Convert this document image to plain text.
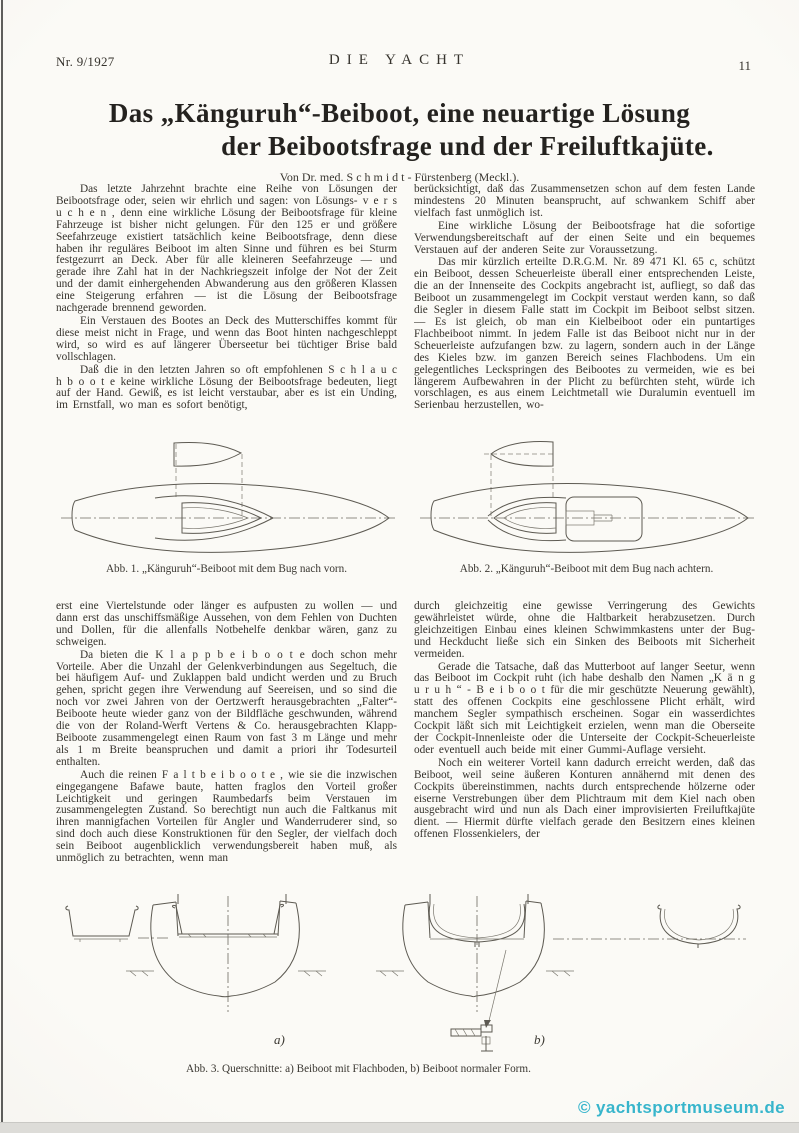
Nr. 9/1927	DIE YACHT	11
Das „Känguruh“-Beiboot, eine neuartige Lösung
der Beibootsfrage und der Freiluftkajüte.
Von Dr. med. S c h m i d t - Fürstenberg (Meckl.).

Das letzte Jahrzehnt brachte eine Reihe von Lösungen der Beibootsfrage oder, seien wir ehrlich und sagen: von Lösungs- v e r s u c h e n , denn eine wirkliche Lösung der Beibootsfrage für kleine Fahrzeuge ist bisher nicht gelungen. Für den 125 er und größere Seefahrzeuge existiert tatsächlich keine Beibootsfrage, denn diese haben ihr reguläres Beiboot im alten Sinne und führen es bei Sturm festgezurrt an Deck. Aber für alle kleineren Seefahrzeuge — und gerade ihre Zahl hat in der Nachkriegszeit infolge der Not der Zeit und der damit einhergehenden Abwanderung aus den größeren Klassen eine Steigerung erfahren — ist die Lösung der Beibootsfrage nachgerade brennend geworden.

Ein Verstauen des Bootes an Deck des Mutterschiffes kommt für diese meist nicht in Frage, und wenn das Boot hinten nachgeschleppt wird, so wird es auf längerer Überseetur bei tüchtiger Brise bald vollschlagen.

Daß die in den letzten Jahren so oft empfohlenen S c h l a u c h b o o t e keine wirkliche Lösung der Beibootsfrage bedeuten, liegt auf der Hand. Gewiß, es ist leicht verstaubar, aber es ist ein Unding, im Ernstfall, wo man es sofort benötigt,

berücksichtigt, daß das Zusammensetzen schon auf dem festen Lande mindestens 20 Minuten beansprucht, auf schwankem Schiff aber vielfach fast unmöglich ist.

Eine wirkliche Lösung der Beibootsfrage hat die sofortige Verwendungsbereitschaft auf der einen Seite und ein bequemes Verstauen auf der anderen Seite zur Voraussetzung.

Das mir kürzlich erteilte D.R.G.M. Nr. 89 471 Kl. 65 c, schützt ein Beiboot, dessen Scheuerleiste überall einer entsprechenden Leiste, die an der Innenseite des Cockpits angebracht ist, aufliegt, so daß das Beiboot un zusammengelegt im Cockpit verstaut werden kann, so daß die Segler in diesem Falle statt im Cockpit im Beiboot selbst sitzen. — Es ist gleich, ob man ein Kielbeiboot oder ein puntartiges Flachbeiboot nimmt. In jedem Falle ist das Beiboot nicht nur in der Scheuerleiste aufzufangen bzw. zu lagern, sondern auch in der Länge des Kieles bzw. im ganzen Bereich seines Flachbodens. Um ein gelegentliches Leckspringen des Beibootes zu vermeiden, wie es bei längerem Aufbewahren in der Plicht zu befürchten steht, würde ich vorschlagen, es aus einem Leichtmetall wie Duralumin eventuell im Serienbau herzustellen, wo-

Abb. 1. „Känguruh“-Beiboot mit dem Bug nach vorn.	Abb. 2. „Känguruh“-Beiboot mit dem Bug nach achtern.

erst eine Viertelstunde oder länger es aufpusten zu wollen — und dann erst das unschiffsmäßige Aussehen, von dem Fehlen von Duchten und Dollen, für die allenfalls Notbehelfe denkbar wären, ganz zu schweigen.

Da bieten die K l a p p b e i b o o t e doch schon mehr Vorteile. Aber die Unzahl der Gelenkverbindungen aus Segeltuch, die bei häufigem Auf- und Zuklappen bald undicht werden und zu Bruch gehen, spricht gegen ihre Verwendung auf Seereisen, und so sind die noch vor zwei Jahren von der Oertzwerft herausgebrachten „Falter“-Beiboote heute wieder ganz von der Bildfläche geschwunden, während die von der Roland-Werft Vertens & Co. herausgebrachten Klapp-Beiboote zusammengelegt einen Raum von fast 3 m Länge und mehr als 1 m Breite beanspruchen und damit a priori ihr Todesurteil enthalten.

Auch die reinen F a l t b e i b o o t e , wie sie die inzwischen eingegangene Bafawe baute, hatten fraglos den Vorteil großer Leichtigkeit und geringen Raumbedarfs beim Verstauen im zusammengelegten Zustand. So berechtigt nun auch die Faltkanus mit ihren mannigfachen Vorteilen für Angler und Wanderruderer sind, so sind doch auch diese Konstruktionen für den Segler, der vielfach doch sein Beiboot augenblicklich verwendungsbereit haben muß, als unmöglich zu betrachten, wenn man

durch gleichzeitig eine gewisse Verringerung des Gewichts gewährleistet würde, ohne die Haltbarkeit herabzusetzen. Durch gleichzeitigen Einbau eines kleinen Schwimmkastens unter der Bug- und Heckducht ließe sich ein Sinken des Beiboots mit Sicherheit vermeiden.

Gerade die Tatsache, daß das Mutterboot auf langer Seetur, wenn das Beiboot im Cockpit ruht (ich habe deshalb den Namen „K ä n g u r u h “ - B e i b o o t für die mir geschützte Neuerung gewählt), statt des offenen Cockpits eine geschlossene Plicht erhält, wird manchem Segler sympathisch erscheinen. Sogar ein wasserdichtes Cockpit läßt sich mit Leichtigkeit erzielen, wenn man die Oberseite der Cockpit-Innenleiste oder die Unterseite der Cockpit-Scheuerleiste oder eventuell auch beide mit einer Gummi-Auflage versieht.

Noch ein weiterer Vorteil kann dadurch erreicht werden, daß das Beiboot, weil seine äußeren Konturen annähernd mit denen des Cockpits übereinstimmen, nachts durch entsprechende hölzerne oder eiserne Verstrebungen über dem Plichtraum mit dem Kiel nach oben ausgebracht wird und nun als Dach einer improvisierten Freiluftkajüte dient. — Hiermit dürfte vielfach gerade den Besitzern eines kleinen offenen Flossenkielers, der

a)	b)
Abb. 3. Querschnitte: a) Beiboot mit Flachboden, b) Beiboot normaler Form.
© yachtsportmuseum.de
